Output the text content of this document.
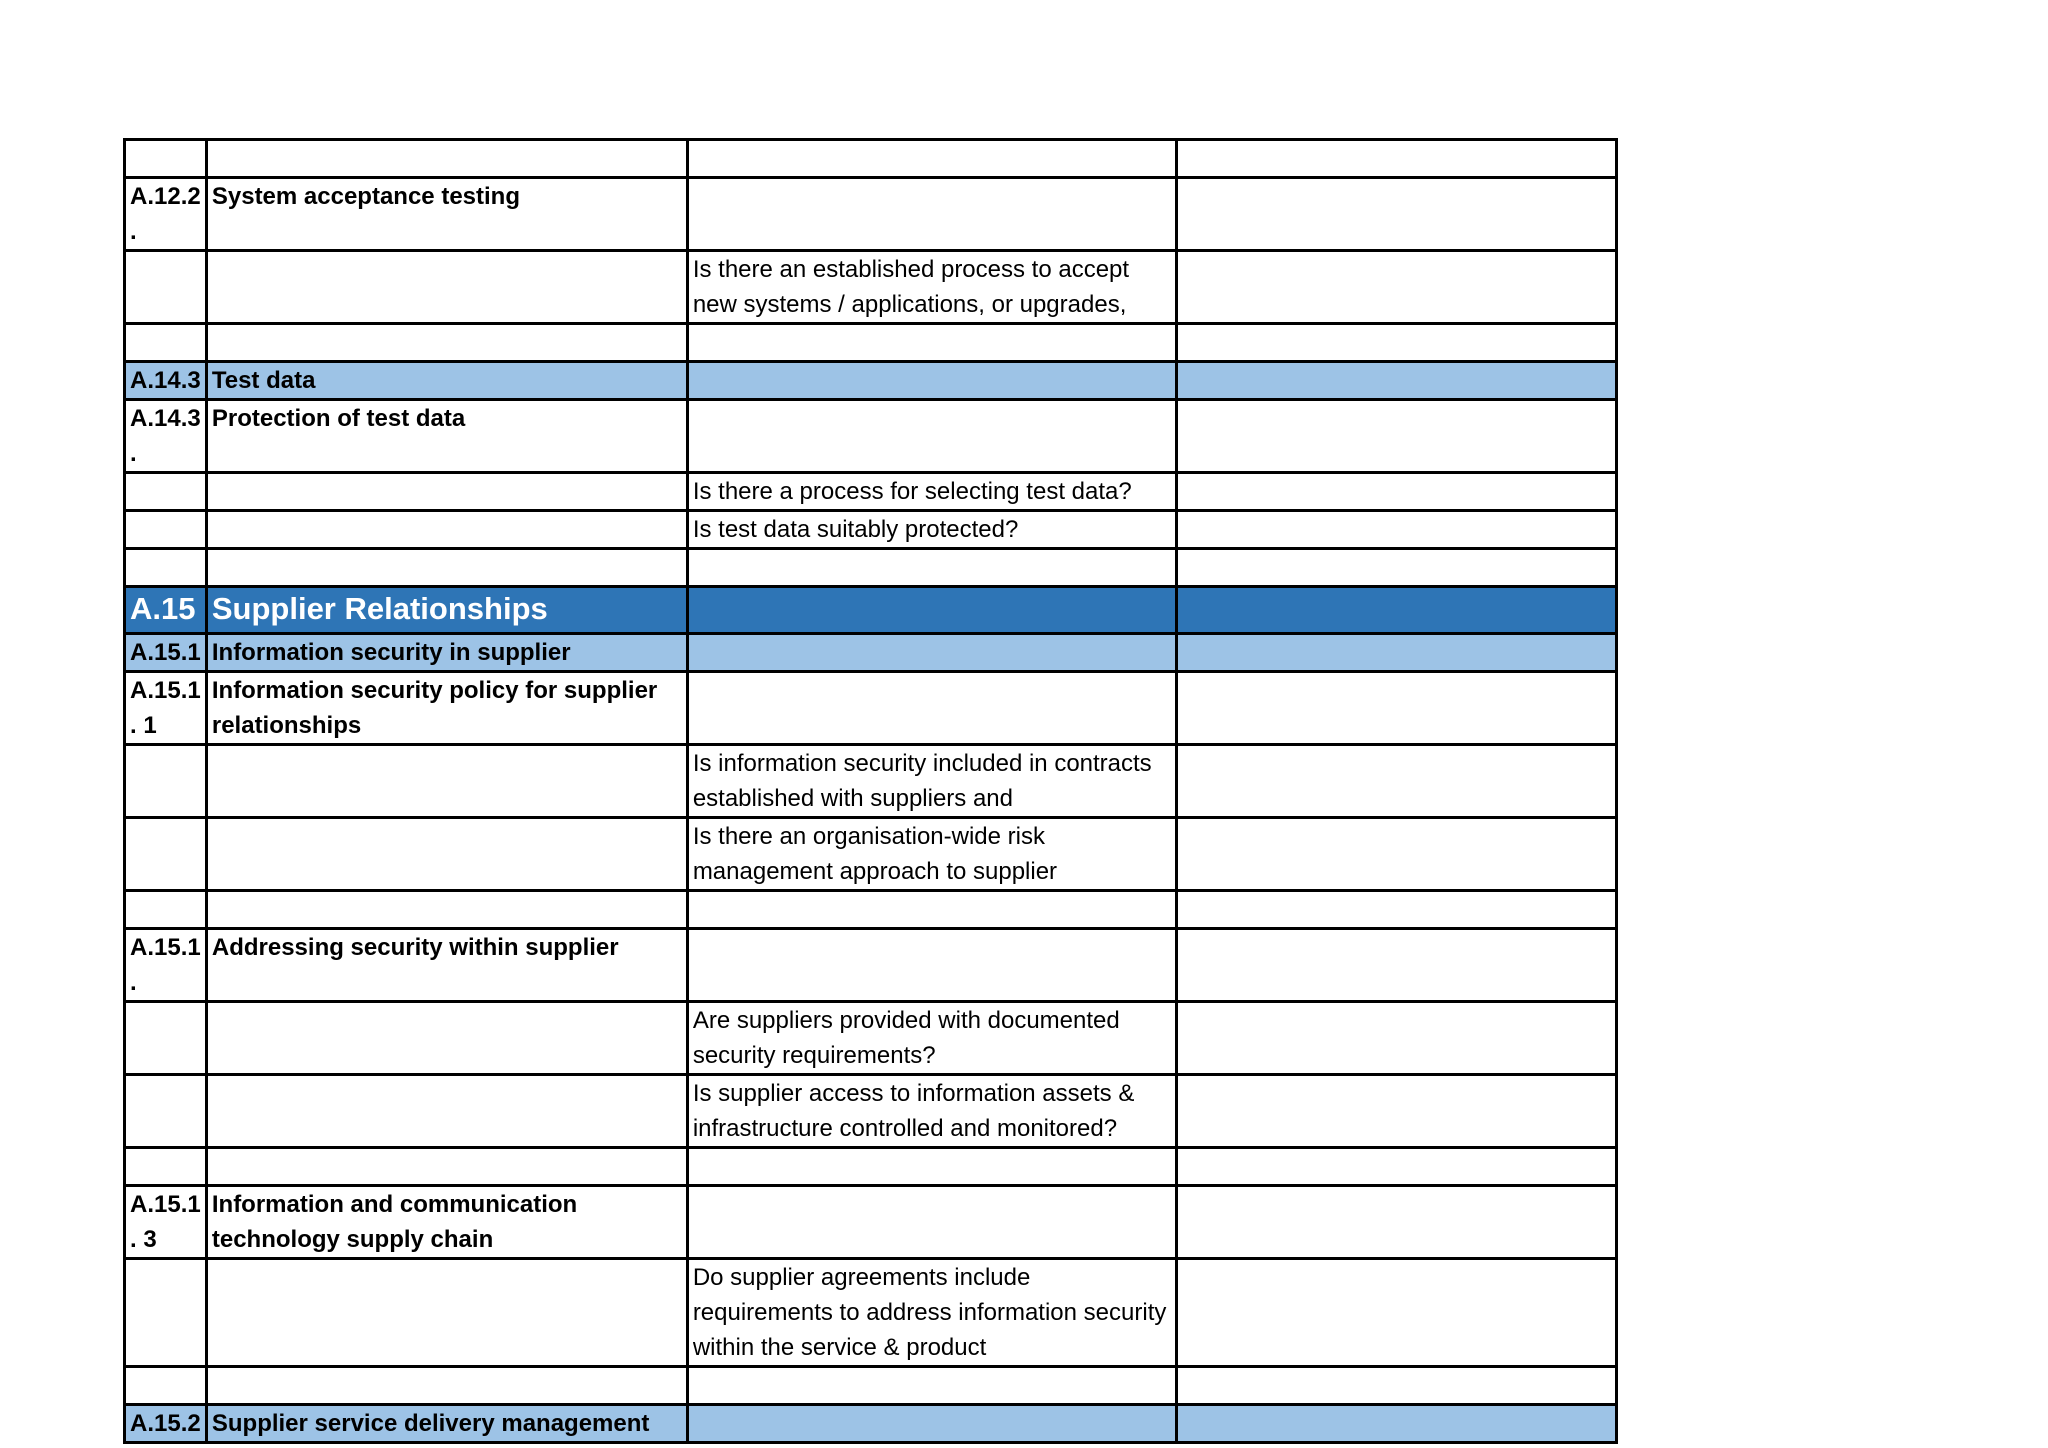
A.12.2.	System acceptance testing		

		Is there an established process to accept new systems / applications, or upgrades,	

A.14.3	Test data		
A.14.3.	Protection of test data		
		Is there a process for selecting test data?	
		Is test data suitably protected?	

A.15	Supplier Relationships		
A.15.1	Information security in supplier		
A.15.1. 1	Information security policy for supplier relationships		

		Is information security included in contracts established with suppliers and	

		Is there an organisation-wide risk management approach to supplier	

A.15.1.	Addressing security within supplier		

		Are suppliers provided with documented security requirements?	

		Is supplier access to information assets & infrastructure controlled and monitored?	

A.15.1. 3	Information and communication technology supply chain		

		Do supplier agreements include requirements to address information security within the service & product	

A.15.2	Supplier service delivery management		
